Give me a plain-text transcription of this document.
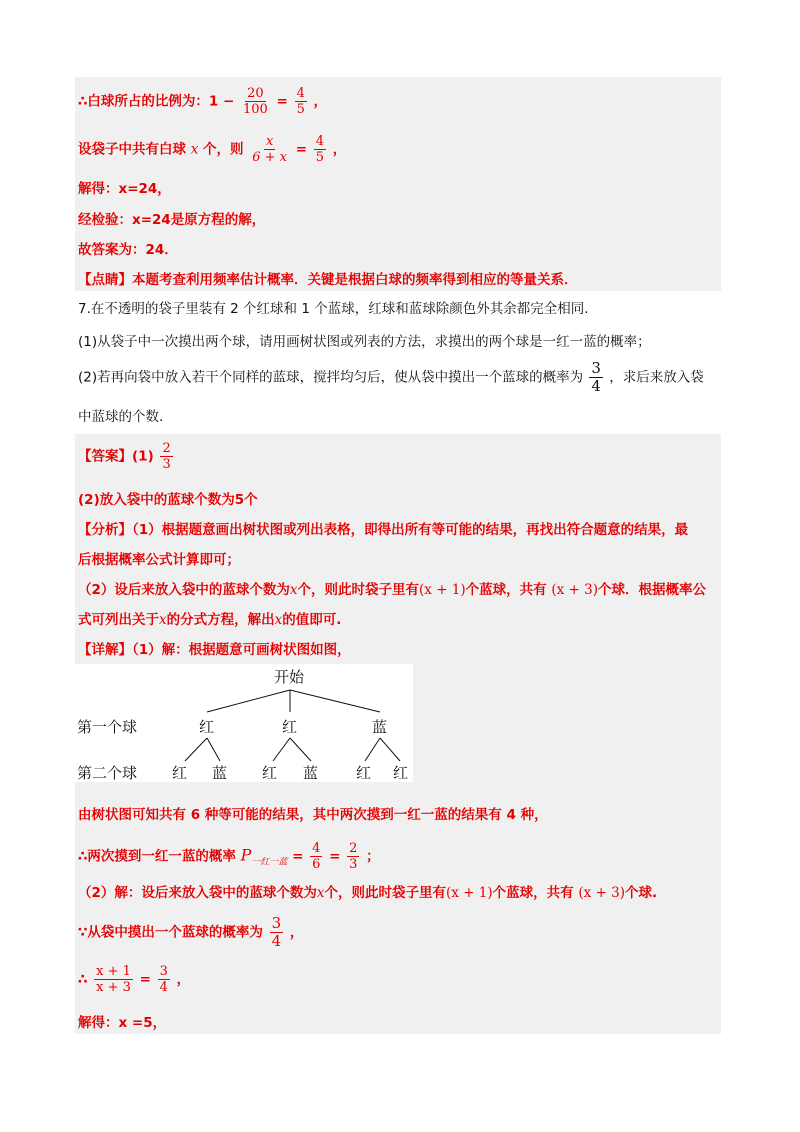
∴白球所占的比例为：$1 - \frac{20}{100} = \frac{4}{5}$ ，
设袋子中共有白球 x 个，则 $\frac{x}{6 + x} = \frac{4}{5}$ ，
解得：x=24，
经检验：x=24是原方程的解，
故答案为：24．
【点睛】本题考查利用频率估计概率．关键是根据白球的频率得到相应的等量关系．
7.在不透明的袋子里装有 2 个红球和 1 个蓝球，红球和蓝球除颜色外其余都完全相同.
(1)从袋子中一次摸出两个球，请用画树状图或列表的方法，求摸出的两个球是一红一蓝的概率；
(2)若再向袋中放入若干个同样的蓝球，搅拌均匀后，使从袋中摸出一个蓝球的概率为 $\frac{3}{4}$ ，求后来放入袋
中蓝球的个数.
【答案】$(1) \frac{2}{3}$
(2)放入袋中的蓝球个数为5个
【分析】（1）根据题意画出树状图或列出表格，即得出所有等可能的结果，再找出符合题意的结果，最
后根据概率公式计算即可；
（2）设后来放入袋中的蓝球个数为x个，则此时袋子里有(x + 1)个蓝球，共有 (x + 3)个球．根据概率公
式可列出关于x的分式方程，解出x的值即可.
【详解】（1）解：根据题意可画树状图如图，
开始
第一个球
第二个球
红	红	蓝
红 蓝 红 蓝	红 红
由树状图可知共有 6 种等可能的结果，其中两次摸到一红一蓝的结果有 4 种，
∴两次摸到一红一蓝的概率 $P_{一红一蓝} = \frac{4}{6} = \frac{2}{3}$ ；
（2）解：设后来放入袋中的蓝球个数为x个，则此时袋子里有(x + 1)个蓝球，共有 (x + 3)个球.
∵从袋中摸出一个蓝球的概率为 $\frac{3}{4}$ ，
∴ $\frac{x + 1}{x + 3} = \frac{3}{4}$ ，
解得：x =5，
